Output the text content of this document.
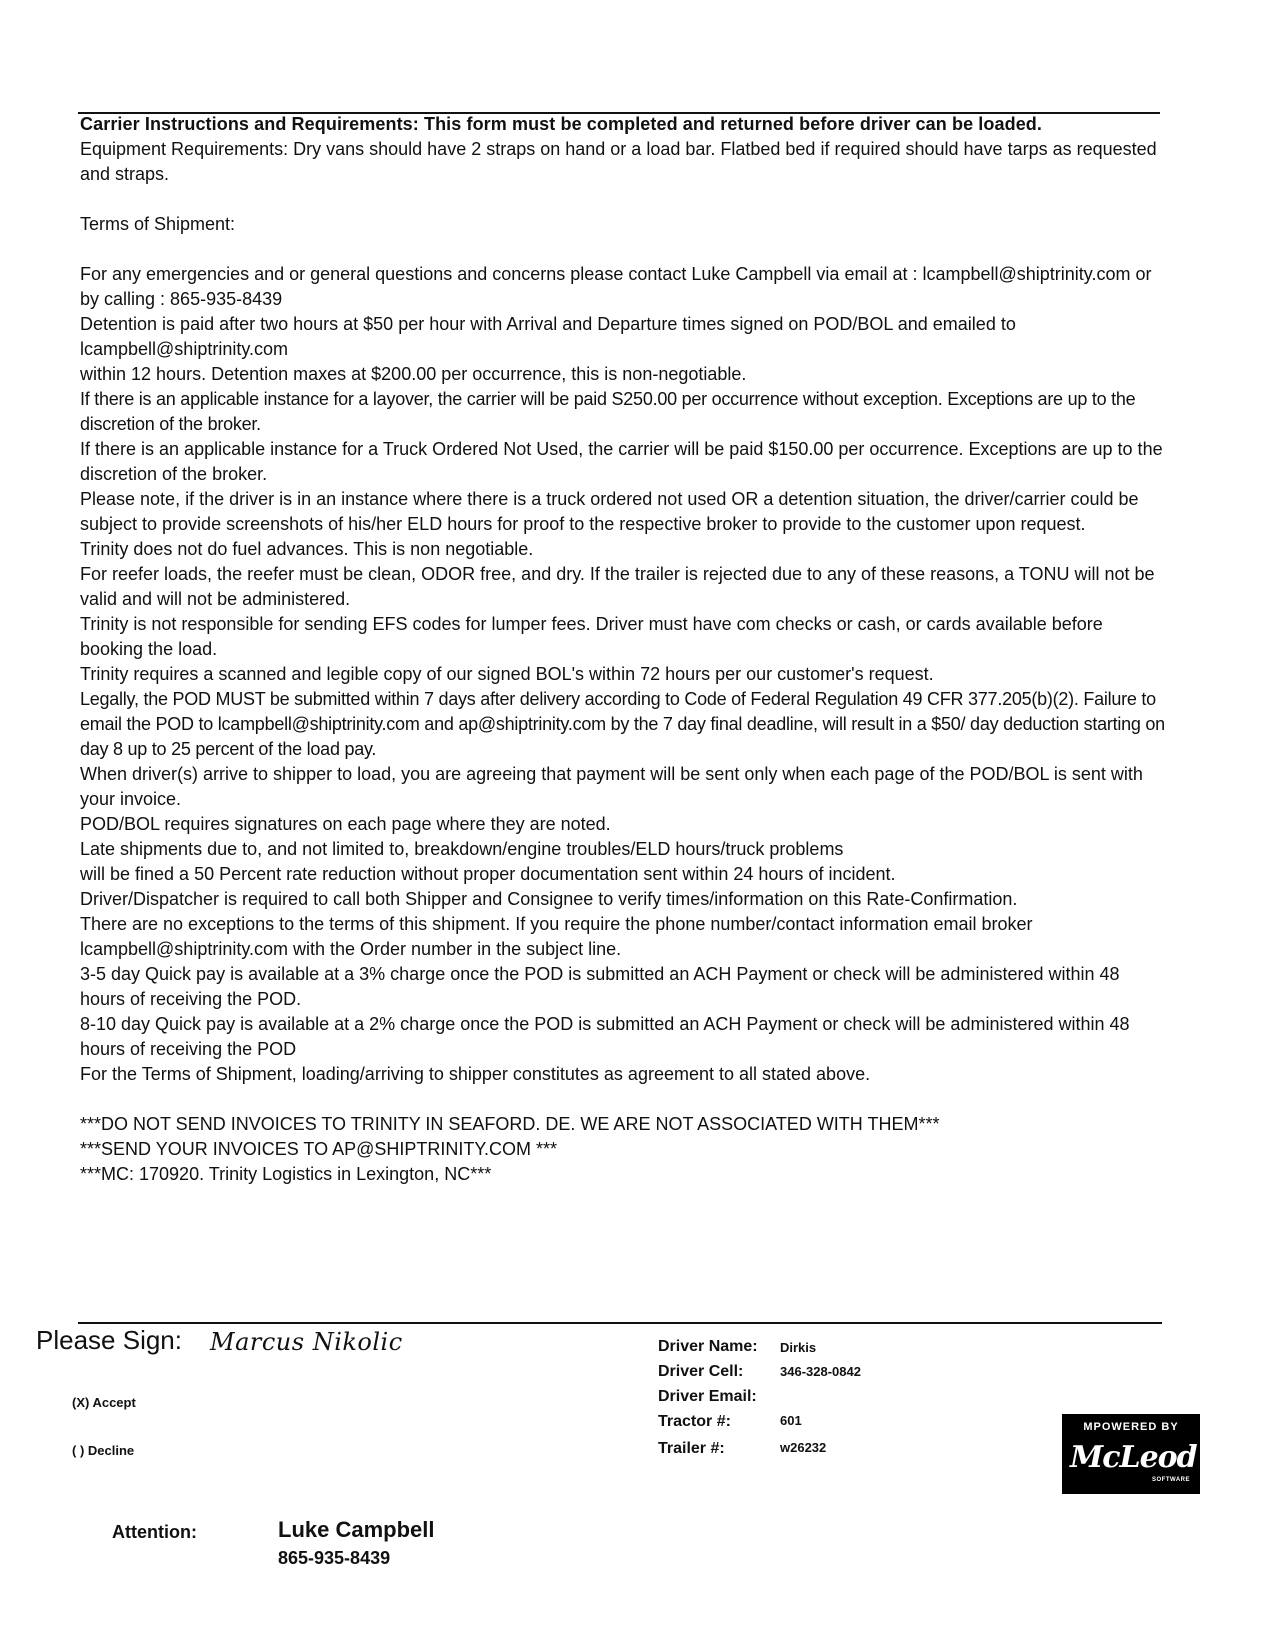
Carrier Instructions and Requirements: This form must be completed and returned before driver can be loaded.

Equipment Requirements: Dry vans should have 2 straps on hand or a load bar. Flatbed bed if required should have tarps as requested and straps.

Terms of Shipment:

For any emergencies and or general questions and concerns please contact Luke Campbell via email at : lcampbell@shiptrinity.com or by calling : 865-935-8439

Detention is paid after two hours at $50 per hour with Arrival and Departure times signed on POD/BOL and emailed to lcampbell@shiptrinity.com

within 12 hours. Detention maxes at $200.00 per occurrence, this is non-negotiable.

If there is an applicable instance for a layover, the carrier will be paid S250.00 per occurrence without exception. Exceptions are up to the discretion of the broker.

If there is an applicable instance for a Truck Ordered Not Used, the carrier will be paid $150.00 per occurrence. Exceptions are up to the discretion of the broker.

Please note, if the driver is in an instance where there is a truck ordered not used OR a detention situation, the driver/carrier could be subject to provide screenshots of his/her ELD hours for proof to the respective broker to provide to the customer upon request.

Trinity does not do fuel advances. This is non negotiable.

For reefer loads, the reefer must be clean, ODOR free, and dry. If the trailer is rejected due to any of these reasons, a TONU will not be valid and will not be administered.

Trinity is not responsible for sending EFS codes for lumper fees. Driver must have com checks or cash, or cards available before booking the load.

Trinity requires a scanned and legible copy of our signed BOL's within 72 hours per our customer's request.

Legally, the POD MUST be submitted within 7 days after delivery according to Code of Federal Regulation 49 CFR 377.205(b)(2). Failure to email the POD to lcampbell@shiptrinity.com and ap@shiptrinity.com by the 7 day final deadline, will result in a $50/ day deduction starting on day 8 up to 25 percent of the load pay.

When driver(s) arrive to shipper to load, you are agreeing that payment will be sent only when each page of the POD/BOL is sent with your invoice.

POD/BOL requires signatures on each page where they are noted.

Late shipments due to, and not limited to, breakdown/engine troubles/ELD hours/truck problems

will be fined a 50 Percent rate reduction without proper documentation sent within 24 hours of incident.

Driver/Dispatcher is required to call both Shipper and Consignee to verify times/information on this Rate-Confirmation.

There are no exceptions to the terms of this shipment. If you require the phone number/contact information email broker lcampbell@shiptrinity.com with the Order number in the subject line.

3-5 day Quick pay is available at a 3% charge once the POD is submitted an ACH Payment or check will be administered within 48 hours of receiving the POD.

8-10 day Quick pay is available at a 2% charge once the POD is submitted an ACH Payment or check will be administered within 48 hours of receiving the POD

For the Terms of Shipment, loading/arriving to shipper constitutes as agreement to all stated above.

***DO NOT SEND INVOICES TO TRINITY IN SEAFORD. DE. WE ARE NOT ASSOCIATED WITH THEM***

***SEND YOUR INVOICES TO AP@SHIPTRINITY.COM ***

***MC: 170920. Trinity Logistics in Lexington, NC***

Please Sign: Marcus Nikolic
(X) Accept
( ) Decline
Driver Name: Dirkis
Driver Cell:	346-328-0842
Driver Email:
Tractor #:	601
Trailer #:	w26232
MPOWERED BY
McLeod
SOFTWARE
Attention:	Luke Campbell
865-935-8439
